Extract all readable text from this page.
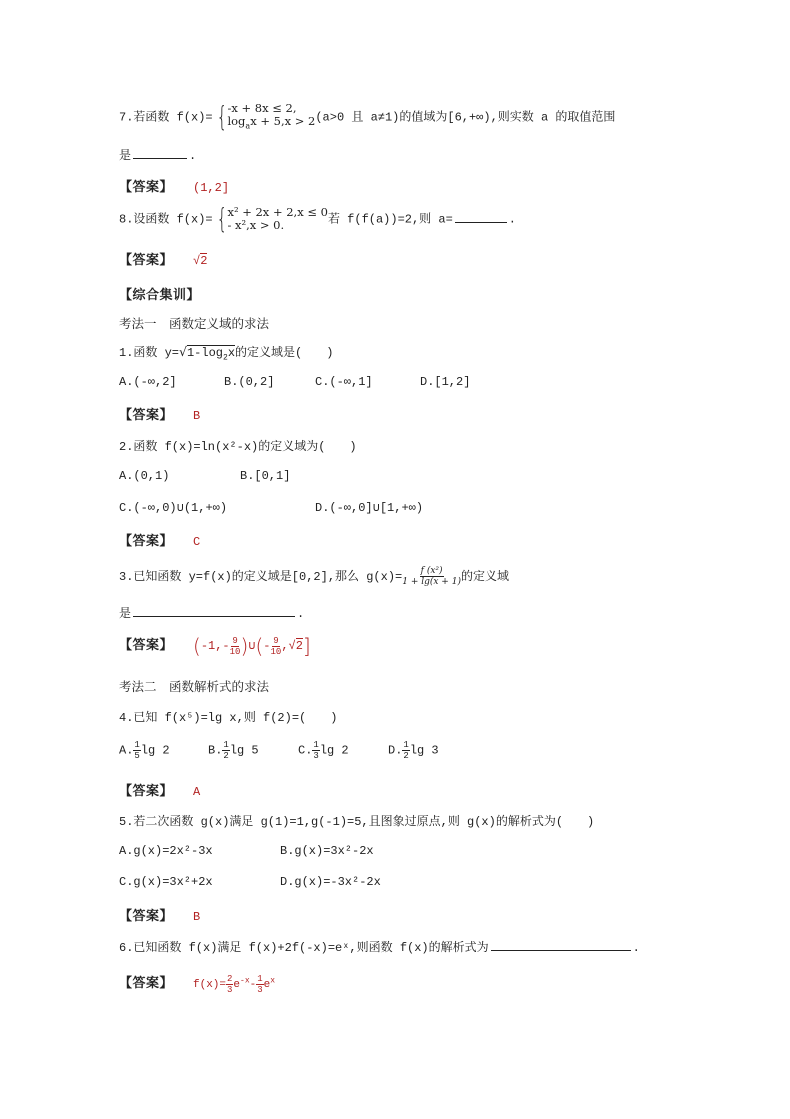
7.若函数 f(x)= {-x + 8x ≤ 2,
$\log_ax + 5,x > 2(a>0$ 且 a≠1)的值域为[6,+∞),则实数 a 的取值范围
是	.
【答案】 (1,2]
8.设函数 f(x)= {x² + 2x + 2,x ≤ 0
- x²,x > 0.	若 f(f(a))=2,则 a=	.
【答案】 √2
【综合集训】
考法一　函数定义域的求法
1.函数 $y=√1-\log_2x$的定义域是(　　)
A.(-∞,2]	B.(0,2]	C.(-∞,1]	D.[1,2]
【答案】 B
2.函数 f(x)=ln(x²-x)的定义域为(　　)
A.(0,1)	B.[0,1]
C.(-∞,0)∪(1,+∞)	D.(-∞,0]∪[1,+∞)
【答案】 C
3.已知函数 y=f(x)的定义域是[0,2],那么 $g(x)= \frac{\text{f (x²)}}{1 + \lg(x + 1)}$ 的定义域
是	.
【答案】 ($-1,- \frac{9}{10}$ )∪(- $\frac{9}{10} ,√2$]
考法二　函数解析式的求法
4.已知 f(x⁵)=lg x,则 f(2)=(　　)
A. $\frac{1}{5}$ lg 2	B. $\frac{1}{2}$ lg 5	C. $\frac{1}{3}$ lg 2	D. $\frac{1}{2}$ lg 3
【答案】 A
5.若二次函数 g(x)满足 g(1)=1,g(-1)=5,且图象过原点,则 g(x)的解析式为(　　)
A.g(x)=2x²-3x	B.g(x)=3x²-2x
C.g(x)=3x²+2x	D.g(x)=-3x²-2x
【答案】 B
6.已知函数 f(x)满足 f(x)+2f(-x)=eˣ,则函数 f(x)的解析式为	.
【答案】 $f(x)= \frac{2}{3} e^{-x}- \frac{1}{3} e^x$
